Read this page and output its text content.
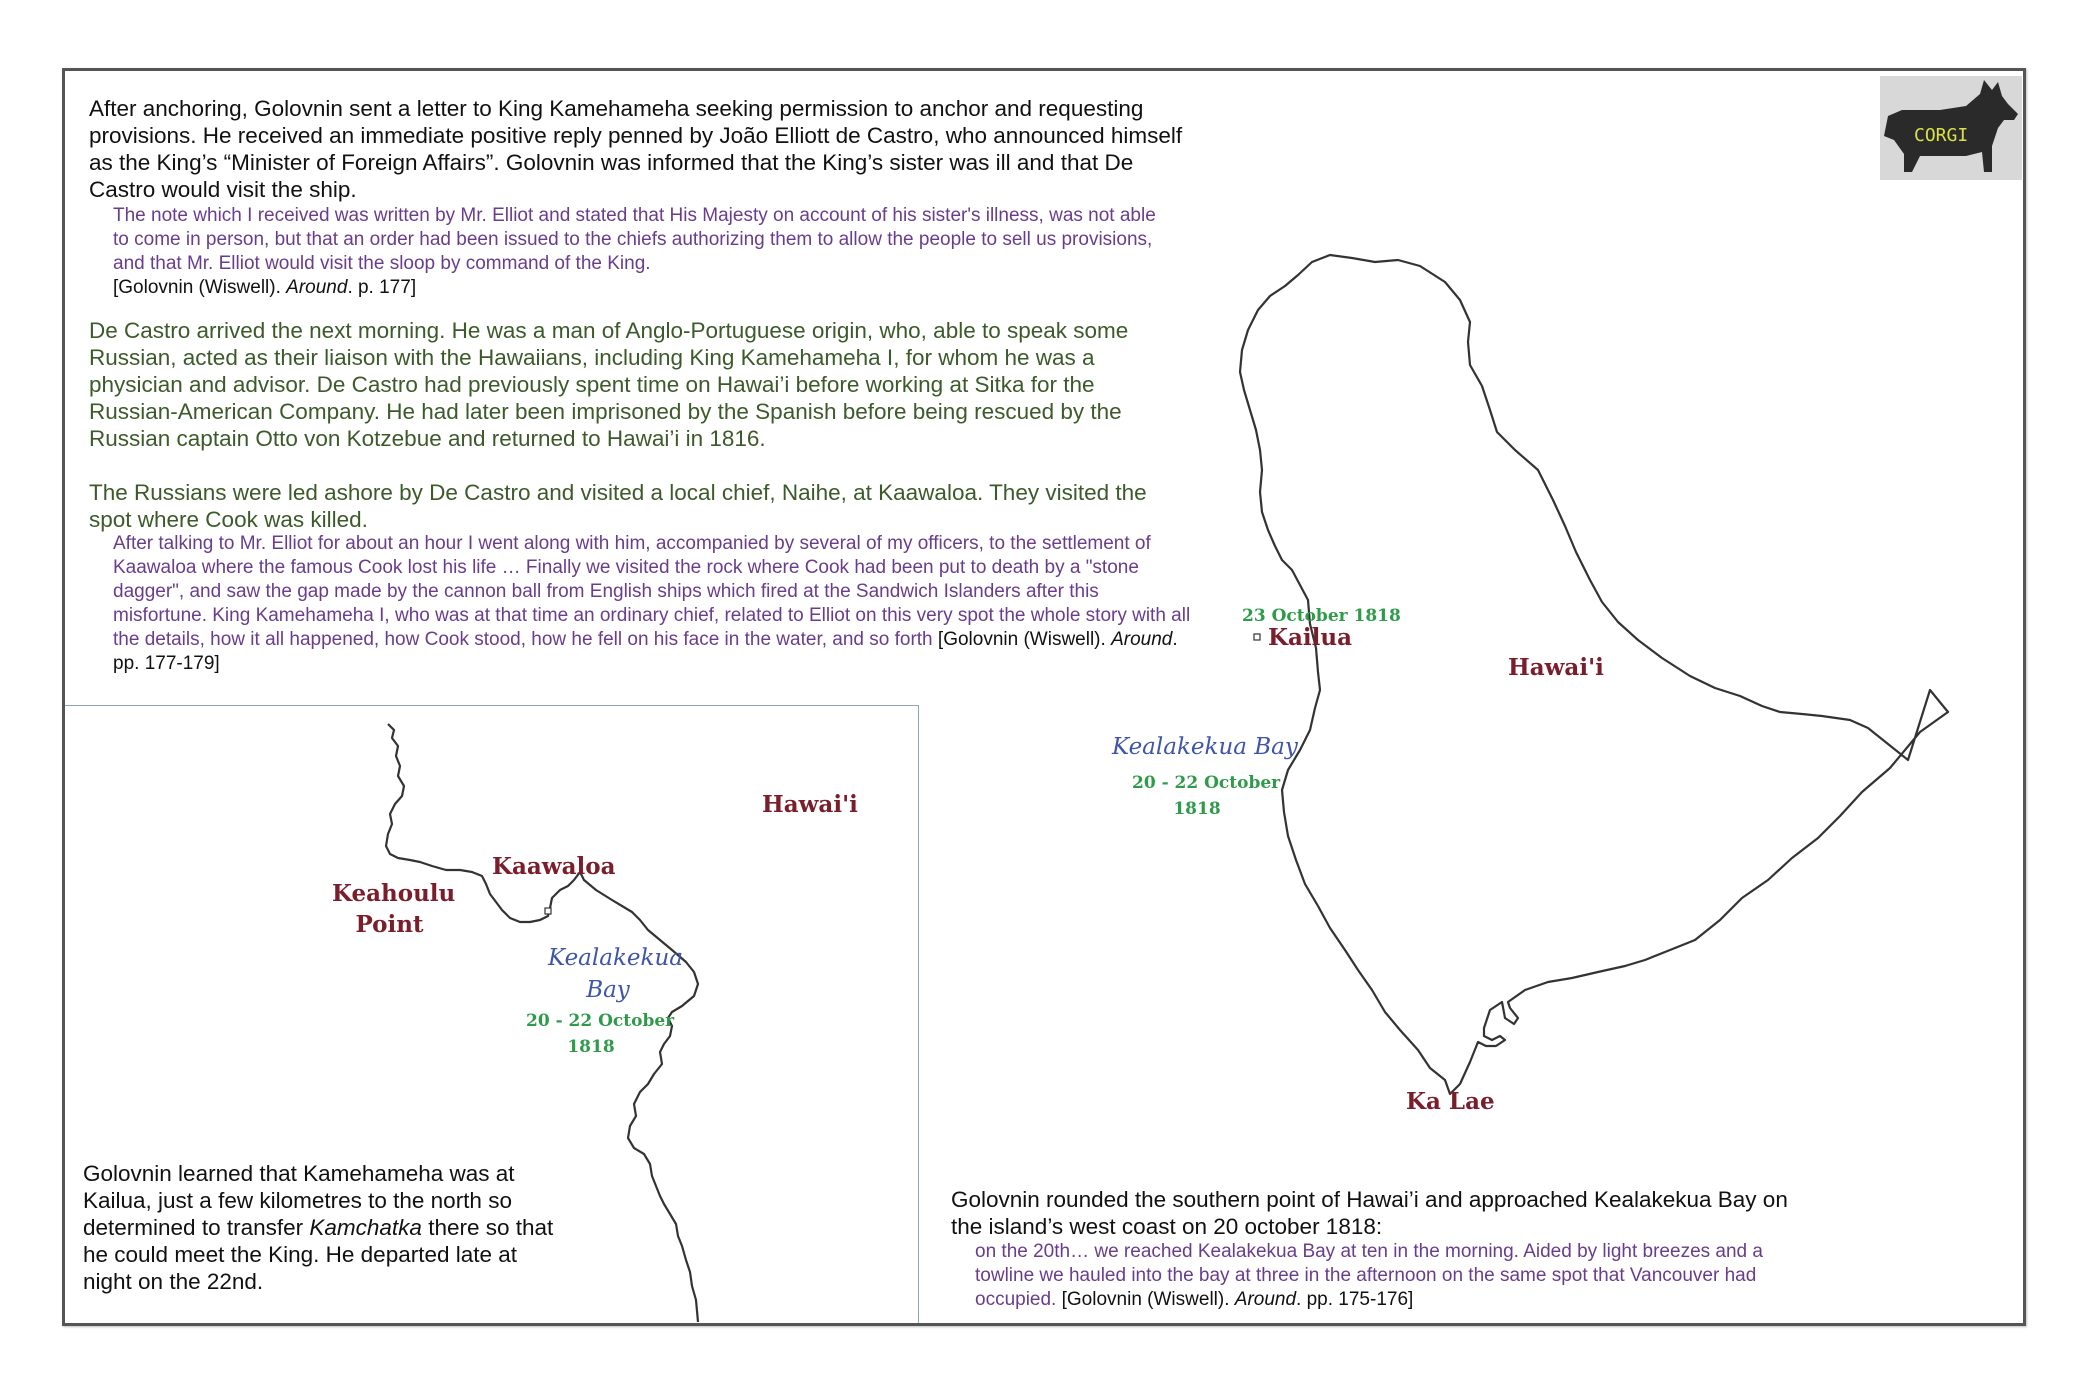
After anchoring, Golovnin sent a letter to King Kamehameha seeking permission to anchor and requesting provisions. He received an immediate positive reply penned by João Elliott de Castro, who announced himself as the King’s “Minister of Foreign Affairs”. Golovnin was informed that the King’s sister was ill and that De Castro would visit the ship.

The note which I received was written by Mr. Elliot and stated that His Majesty on account of his sister's illness, was not able to come in person, but that an order had been issued to the chiefs authorizing them to allow the people to sell us provisions, and that Mr. Elliot would visit the sloop by command of the King.
[Golovnin (Wiswell). Around. p. 177]

De Castro arrived the next morning. He was a man of Anglo-Portuguese origin, who, able to speak some Russian, acted as their liaison with the Hawaiians, including King Kamehameha I, for whom he was a physician and advisor. De Castro had previously spent time on Hawai’i before working at Sitka for the Russian-American Company. He had later been imprisoned by the Spanish before being rescued by the Russian captain Otto von Kotzebue and returned to Hawai’i in 1816.

The Russians were led ashore by De Castro and visited a local chief, Naihe, at Kaawaloa. They visited the spot where Cook was killed.

After talking to Mr. Elliot for about an hour I went along with him, accompanied by several of my officers, to the settlement of Kaawaloa where the famous Cook lost his life … Finally we visited the rock where Cook had been put to death by a "stone dagger", and saw the gap made by the cannon ball from English ships which fired at the Sandwich Islanders after this misfortune. King Kamehameha I, who was at that time an ordinary chief, related to Elliot on this very spot the whole story with all the details, how it all happened, how Cook stood, how he fell on his face in the water, and so forth [Golovnin (Wiswell). Around. pp. 177-179]

Golovnin learned that Kamehameha was at Kailua, just a few kilometres to the north so determined to transfer Kamchatka there so that he could meet the King. He departed late at night on the 22nd.

Golovnin rounded the southern point of Hawai’i and approached Kealakekua Bay on the island’s west coast on 20 october 1818:

on the 20th… we reached Kealakekua Bay at ten in the morning. Aided by light breezes and a towline we hauled into the bay at three in the afternoon on the same spot that Vancouver had occupied. [Golovnin (Wiswell). Around. pp. 175-176]

23 October 1818
Kailua
Hawai'i
Kealakekua Bay
20 - 22 October
1818
Ka Lae
Hawai'i
Kaawaloa
Keahoulu
Point
Kealakekua
Bay
20 - 22 October
1818
CORGI
